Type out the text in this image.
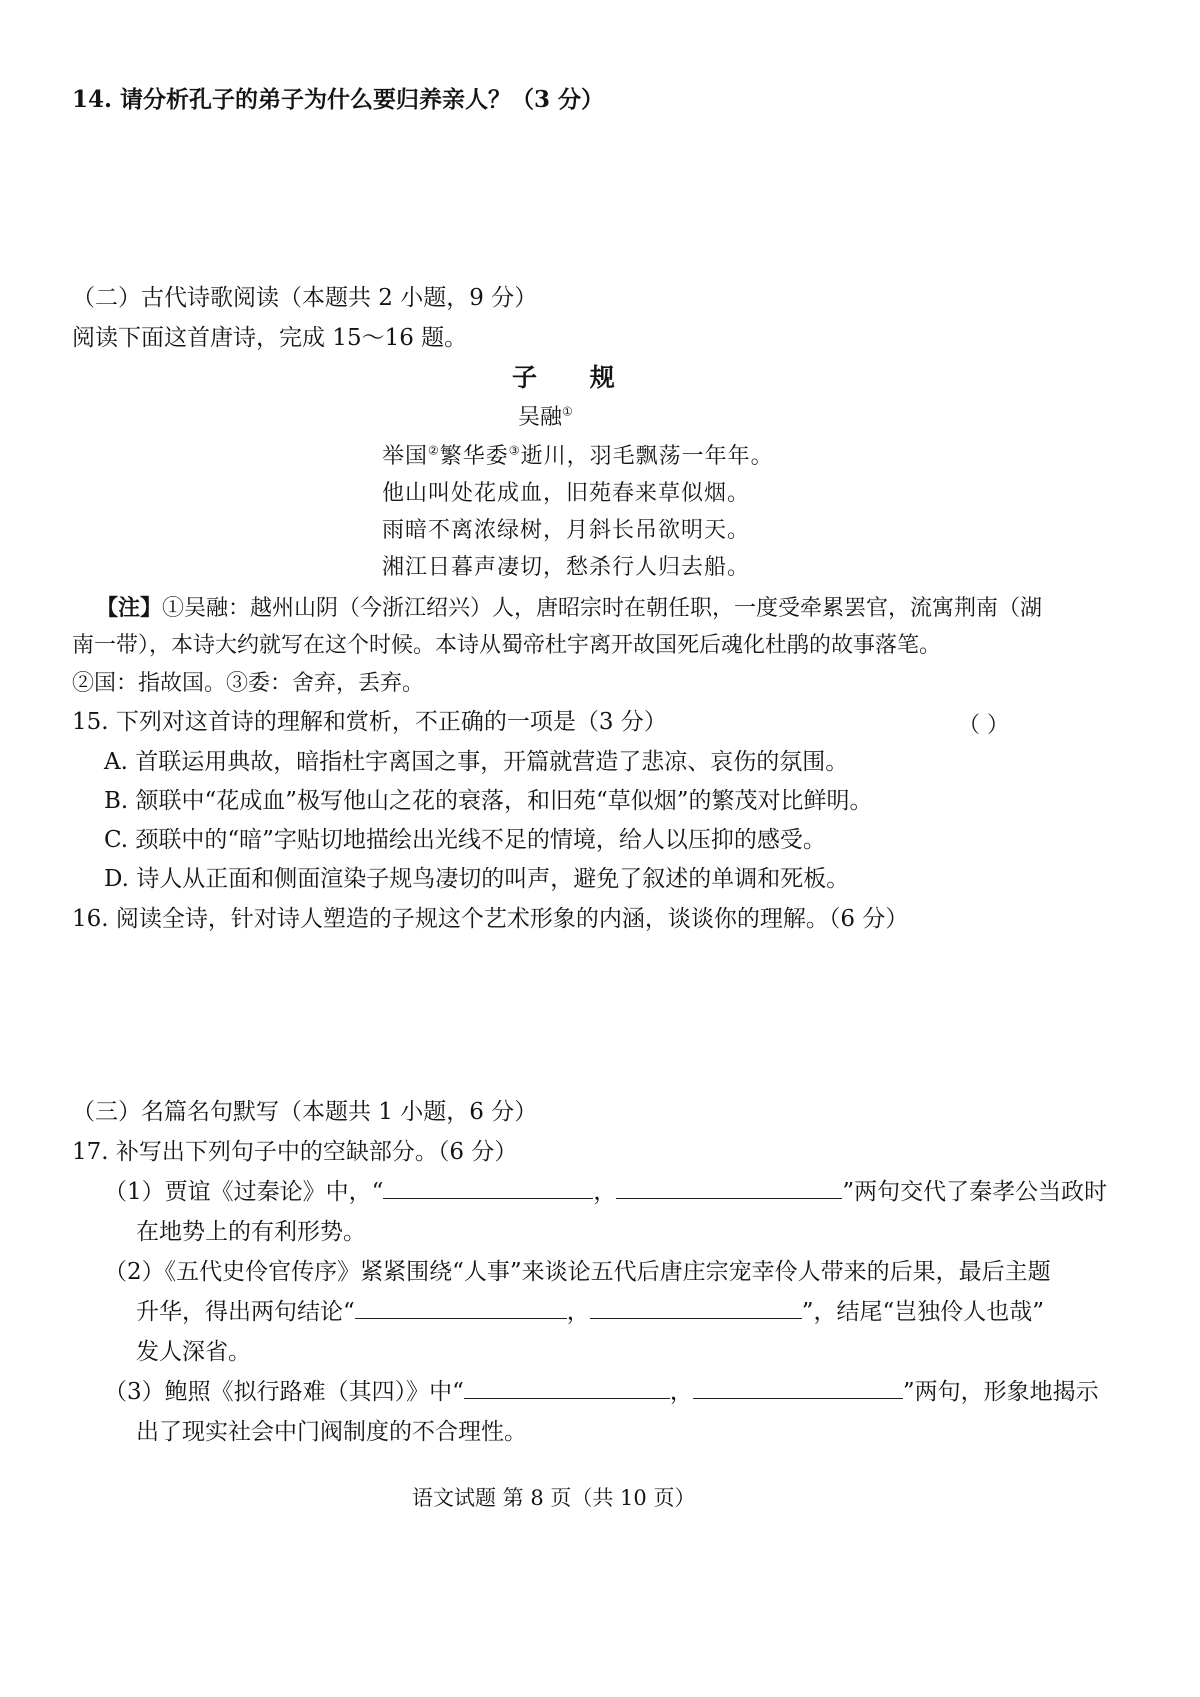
14. 请分析孔子的弟子为什么要归养亲人？（3 分）
（二）古代诗歌阅读（本题共 2 小题，9 分）
阅读下面这首唐诗，完成 15～16 题。
子 规
吴融①
举国②繁华委③逝川，羽毛飘荡一年年。
他山叫处花成血，旧苑春来草似烟。
雨暗不离浓绿树，月斜长吊欲明天。
湘江日暮声凄切，愁杀行人归去船。
【注】①吴融：越州山阴（今浙江绍兴）人，唐昭宗时在朝任职，一度受牵累罢官，流寓荆南（湖
南一带），本诗大约就写在这个时候。本诗从蜀帝杜宇离开故国死后魂化杜鹃的故事落笔。
②国：指故国。③委：舍弃，丢弃。
15. 下列对这首诗的理解和赏析，不正确的一项是（3 分）	（ ）
A. 首联运用典故，暗指杜宇离国之事，开篇就营造了悲凉、哀伤的氛围。
B. 颔联中“花成血”极写他山之花的衰落，和旧苑“草似烟”的繁茂对比鲜明。
C. 颈联中的“暗”字贴切地描绘出光线不足的情境，给人以压抑的感受。
D. 诗人从正面和侧面渲染子规鸟凄切的叫声，避免了叙述的单调和死板。
16. 阅读全诗，针对诗人塑造的子规这个艺术形象的内涵，谈谈你的理解。（6 分）
（三）名篇名句默写（本题共 1 小题，6 分）
17. 补写出下列句子中的空缺部分。（6 分）
（1）贾谊《过秦论》中，“	，	”两句交代了秦孝公当政时
在地势上的有利形势。
（2）《五代史伶官传序》紧紧围绕“人事”来谈论五代后唐庄宗宠幸伶人带来的后果，最后主题
升华，得出两句结论“	，	”，结尾“岂独伶人也哉”
发人深省。
（3）鲍照《拟行路难（其四）》中“	，	”两句，形象地揭示
出了现实社会中门阀制度的不合理性。
语文试题 第 8 页（共 10 页）
